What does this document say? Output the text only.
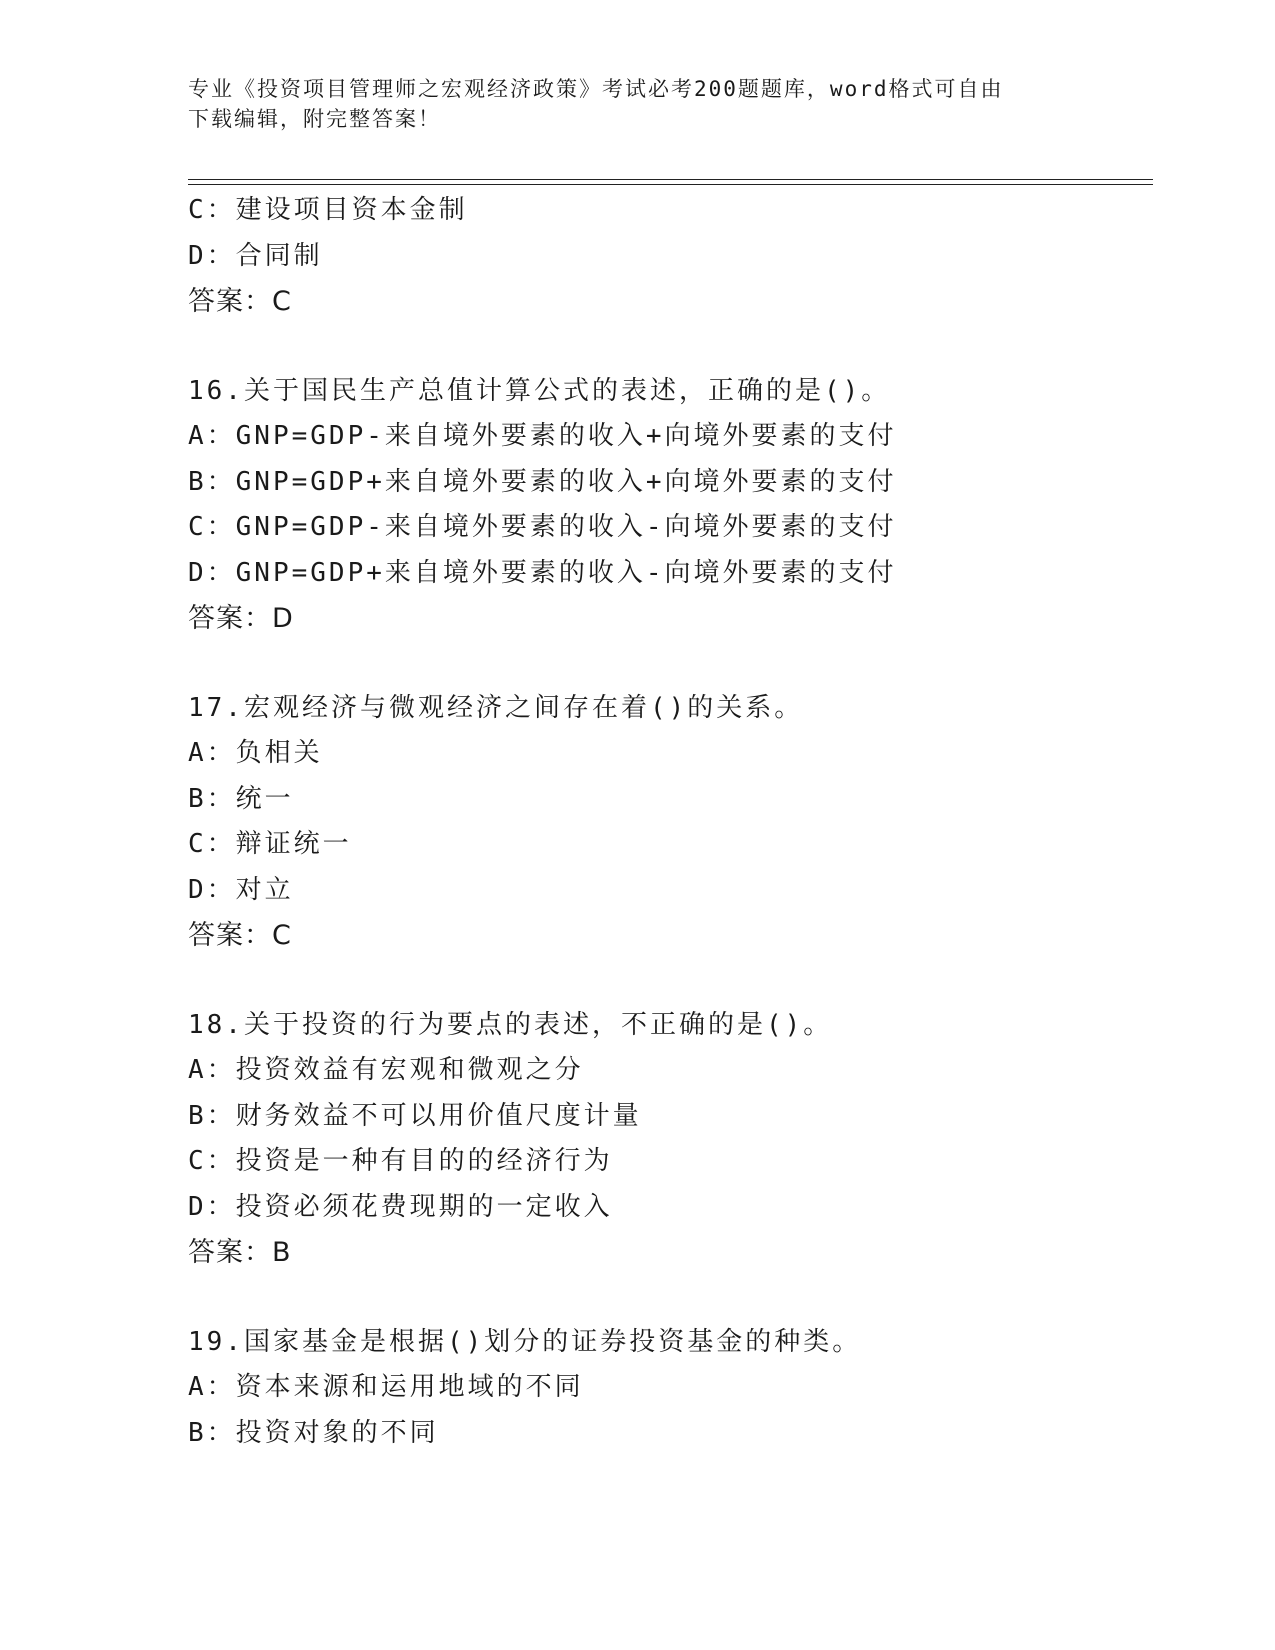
专业《投资项目管理师之宏观经济政策》考试必考200题题库，word格式可自由
下载编辑，附完整答案！
C：建设项目资本金制
D：合同制
答案：C
16.关于国民生产总值计算公式的表述，正确的是()。
A：GNP=GDP-来自境外要素的收入+向境外要素的支付
B：GNP=GDP+来自境外要素的收入+向境外要素的支付
C：GNP=GDP-来自境外要素的收入-向境外要素的支付
D：GNP=GDP+来自境外要素的收入-向境外要素的支付
答案：D
17.宏观经济与微观经济之间存在着()的关系。
A：负相关
B：统一
C：辩证统一
D：对立
答案：C
18.关于投资的行为要点的表述，不正确的是()。
A：投资效益有宏观和微观之分
B：财务效益不可以用价值尺度计量
C：投资是一种有目的的经济行为
D：投资必须花费现期的一定收入
答案：B
19.国家基金是根据()划分的证券投资基金的种类。
A：资本来源和运用地域的不同
B：投资对象的不同
